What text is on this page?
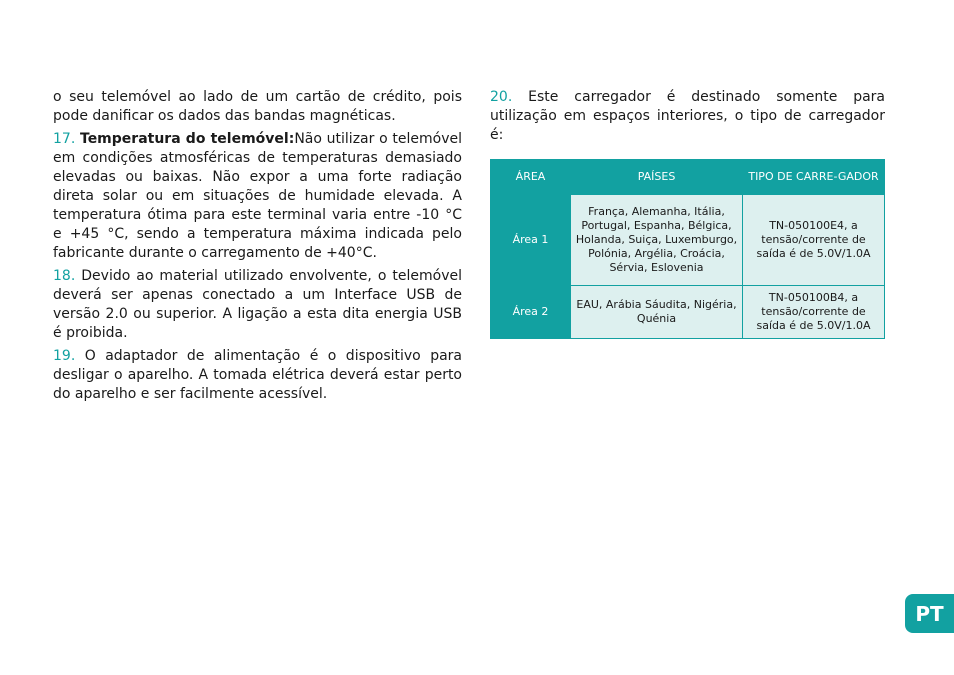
o seu telemóvel ao lado de um cartão de crédito, pois pode danificar os dados das bandas magnéticas.

17. Temperatura do telemóvel:Não utilizar o telemóvel em condições atmosféricas de temperaturas demasiado elevadas ou baixas. Não expor a uma forte radiação direta solar ou em situações de humidade elevada. A temperatura ótima para este terminal varia entre -10 °C e +45 °C, sendo a temperatura máxima indicada pelo fabricante durante o carregamento de +40°C.

18. Devido ao material utilizado envolvente, o telemóvel deverá ser apenas conectado a um Interface USB de versão 2.0 ou superior. A ligação a esta dita energia USB é proibida.

19. O adaptador de alimentação é o dispositivo para desligar o aparelho. A tomada elétrica deverá estar perto do aparelho e ser facilmente acessível.

20. Este carregador é destinado somente para utilização em espaços interiores, o tipo de carregador é:

ÁREA	PAÍSES	TIPO DE CARRE-GADOR
Área 1	França, Alemanha, Itália, Portugal, Espanha, Bélgica, Holanda, Suiça, Luxemburgo, Polónia, Argélia, Croácia, Sérvia, Eslovenia	TN-050100E4, a tensão/corrente de saída é de 5.0V/1.0A
Área 2	EAU, Arábia Sáudita, Nigéria, Quénia	TN-050100B4, a tensão/corrente de saída é de 5.0V/1.0A
PT
